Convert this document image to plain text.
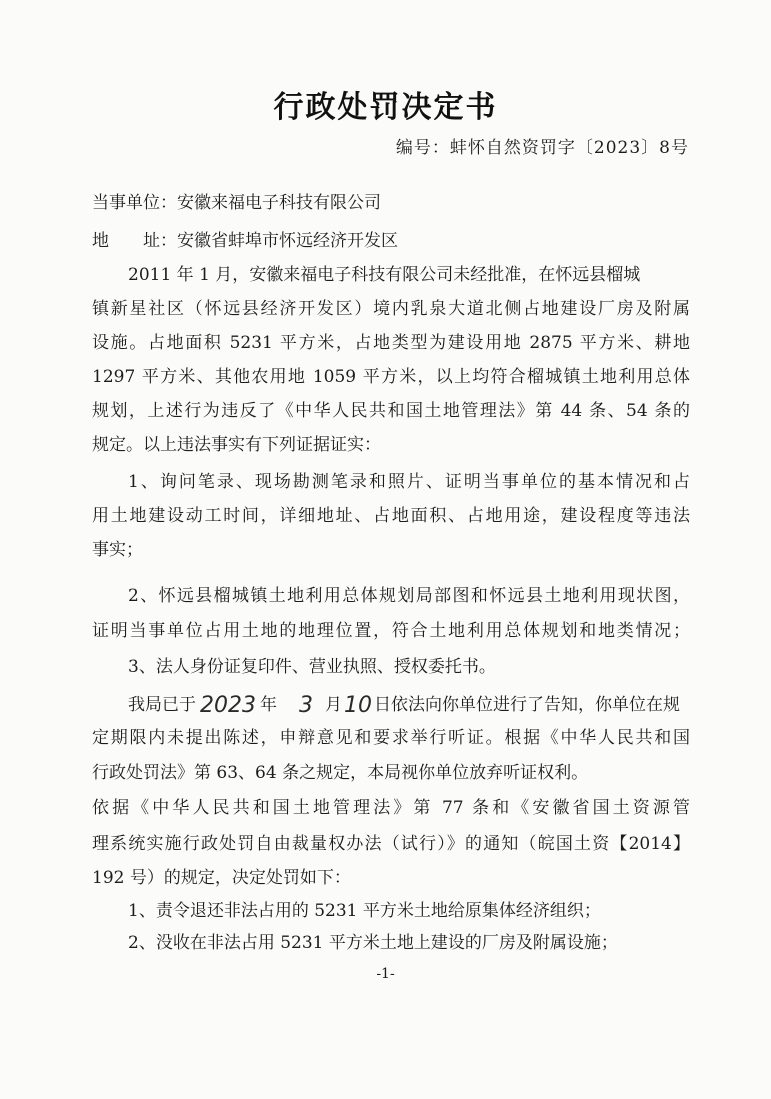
行政处罚决定书
编号：蚌怀自然资罚字〔2023〕8号
当事单位：安徽来福电子科技有限公司
地 址：安徽省蚌埠市怀远经济开发区
2011 年 1 月，安徽来福电子科技有限公司未经批准，在怀远县榴城
镇新星社区（怀远县经济开发区）境内乳泉大道北侧占地建设厂房及附属
设施。占地面积 5231 平方米，占地类型为建设用地 2875 平方米、耕地
1297 平方米、其他农用地 1059 平方米，以上均符合榴城镇土地利用总体
规划，上述行为违反了《中华人民共和国土地管理法》第 44 条、54 条的
规定。以上违法事实有下列证据证实：
1、询问笔录、现场勘测笔录和照片、证明当事单位的基本情况和占
用土地建设动工时间，详细地址、占地面积、占地用途，建设程度等违法
事实；
2、怀远县榴城镇土地利用总体规划局部图和怀远县土地利用现状图，
证明当事单位占用土地的地理位置，符合土地利用总体规划和地类情况；
3、法人身份证复印件、营业执照、授权委托书。
我局已于 2023 年 3 月10 日依法向你单位进行了告知，你单位在规
定期限内未提出陈述，申辩意见和要求举行听证。根据《中华人民共和国
行政处罚法》第 63、64 条之规定，本局视你单位放弃听证权利。
依据《中华人民共和国土地管理法》第 77 条和《安徽省国土资源管
理系统实施行政处罚自由裁量权办法（试行）》的通知（皖国土资【2014】
192 号）的规定，决定处罚如下：
1、责令退还非法占用的 5231 平方米土地给原集体经济组织；
2、没收在非法占用 5231 平方米土地上建设的厂房及附属设施；
-1-
